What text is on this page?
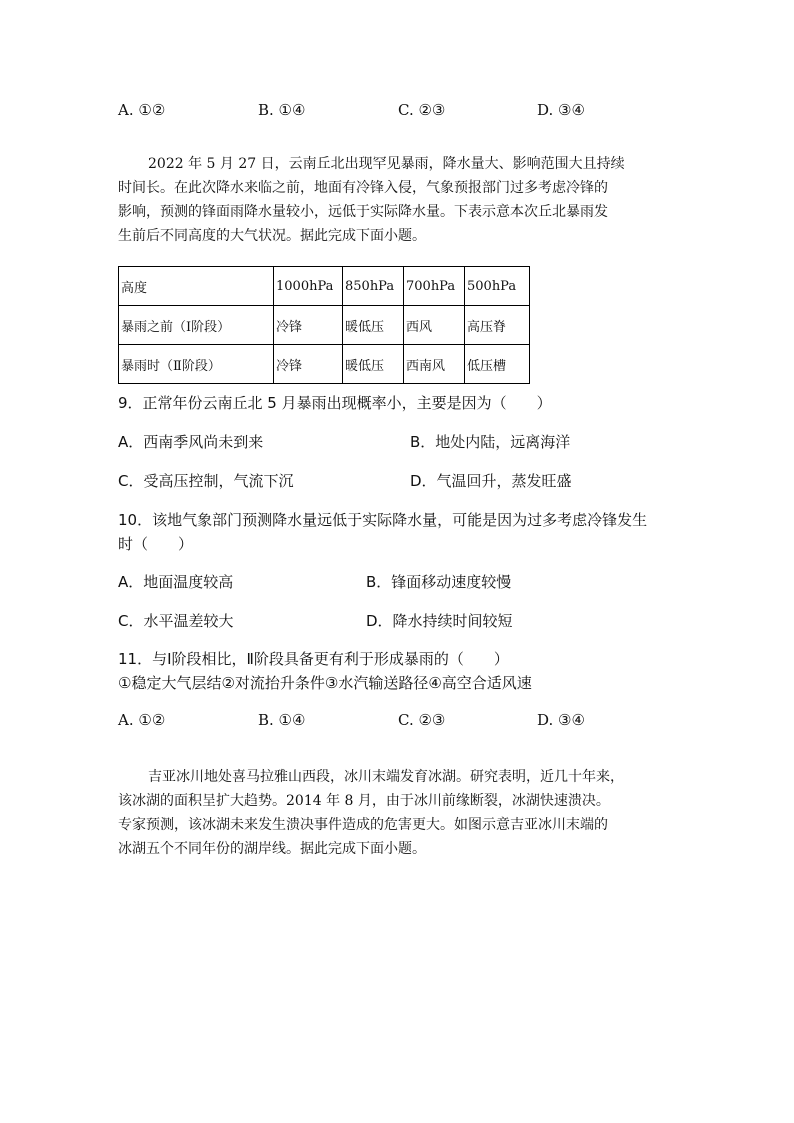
A. ①②	B. ①④	C. ②③	D. ③④

2022 年 5 月 27 日，云南丘北出现罕见暴雨，降水量大、影响范围大且持续

时间长。在此次降水来临之前，地面有冷锋入侵，气象预报部门过多考虑冷锋的

影响，预测的锋面雨降水量较小，远低于实际降水量。下表示意本次丘北暴雨发

生前后不同高度的大气状况。据此完成下面小题。

高度	1000hPa	850hPa	700hPa	500hPa
暴雨之前（Ⅰ阶段）	冷锋	暖低压	西风	高压脊
暴雨时（Ⅱ阶段）	冷锋	暖低压	西南风	低压槽
9．正常年份云南丘北 5 月暴雨出现概率小，主要是因为（　　）
A．西南季风尚未到来	B．地处内陆，远离海洋
C．受高压控制，气流下沉	D．气温回升，蒸发旺盛
10．该地气象部门预测降水量远低于实际降水量，可能是因为过多考虑冷锋发生
时（　　）
A．地面温度较高	B．锋面移动速度较慢
C．水平温差较大	D．降水持续时间较短
11．与Ⅰ阶段相比，Ⅱ阶段具备更有利于形成暴雨的（　　）
①稳定大气层结②对流抬升条件③水汽输送路径④高空合适风速
A. ①②	B. ①④	C. ②③	D. ③④

吉亚冰川地处喜马拉雅山西段，冰川末端发育冰湖。研究表明，近几十年来，

该冰湖的面积呈扩大趋势。2014 年 8 月，由于冰川前缘断裂，冰湖快速溃决。

专家预测，该冰湖未来发生溃决事件造成的危害更大。如图示意吉亚冰川末端的

冰湖五个不同年份的湖岸线。据此完成下面小题。
